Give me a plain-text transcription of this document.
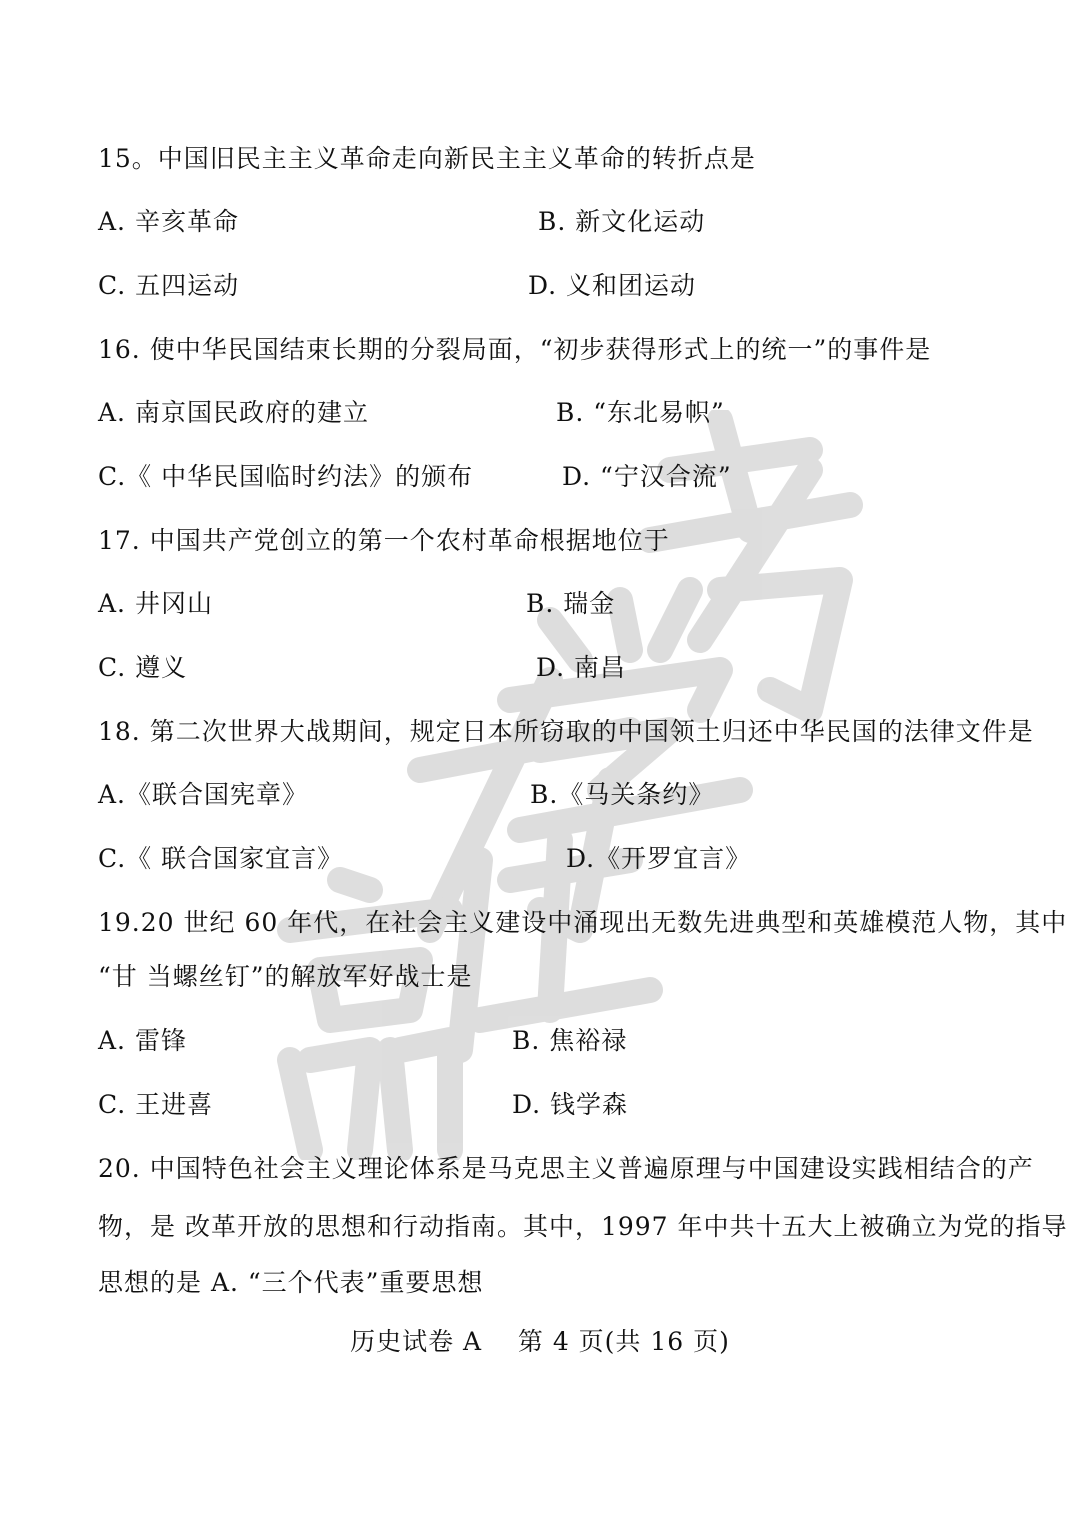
15。中国旧民主主义革命走向新民主主义革命的转折点是
A. 辛亥革命	B. 新文化运动
C. 五四运动	D. 义和团运动
16. 使中华民国结束长期的分裂局面，“初步获得形式上的统一”的事件是
A. 南京国民政府的建立	B. “东北易帜”
C.《 中华民国临时约法》的颁布	D. “宁汉合流”
17. 中国共产党创立的第一个农村革命根据地位于
A. 井冈山	B. 瑞金
C. 遵义	D. 南昌
18. 第二次世界大战期间，规定日本所窃取的中国领土归还中华民国的法律文件是
A.《联合国宪章》	B.《马关条约》
C.《 联合国家宜言》	D.《开罗宜言》
19.20 世纪 60 年代，在社会主义建设中涌现出无数先进典型和英雄模范人物，其中
“甘 当螺丝钉”的解放军好战士是
A. 雷锋	B. 焦裕禄
C. 王进喜	D. 钱学森
20. 中国特色社会主义理论体系是马克思主义普遍原理与中国建设实践相结合的产
物，是 改革开放的思想和行动指南。其中，1997 年中共十五大上被确立为党的指导
思想的是 A. “三个代表”重要思想
历史试卷 A    第 4 页(共 16 页)
